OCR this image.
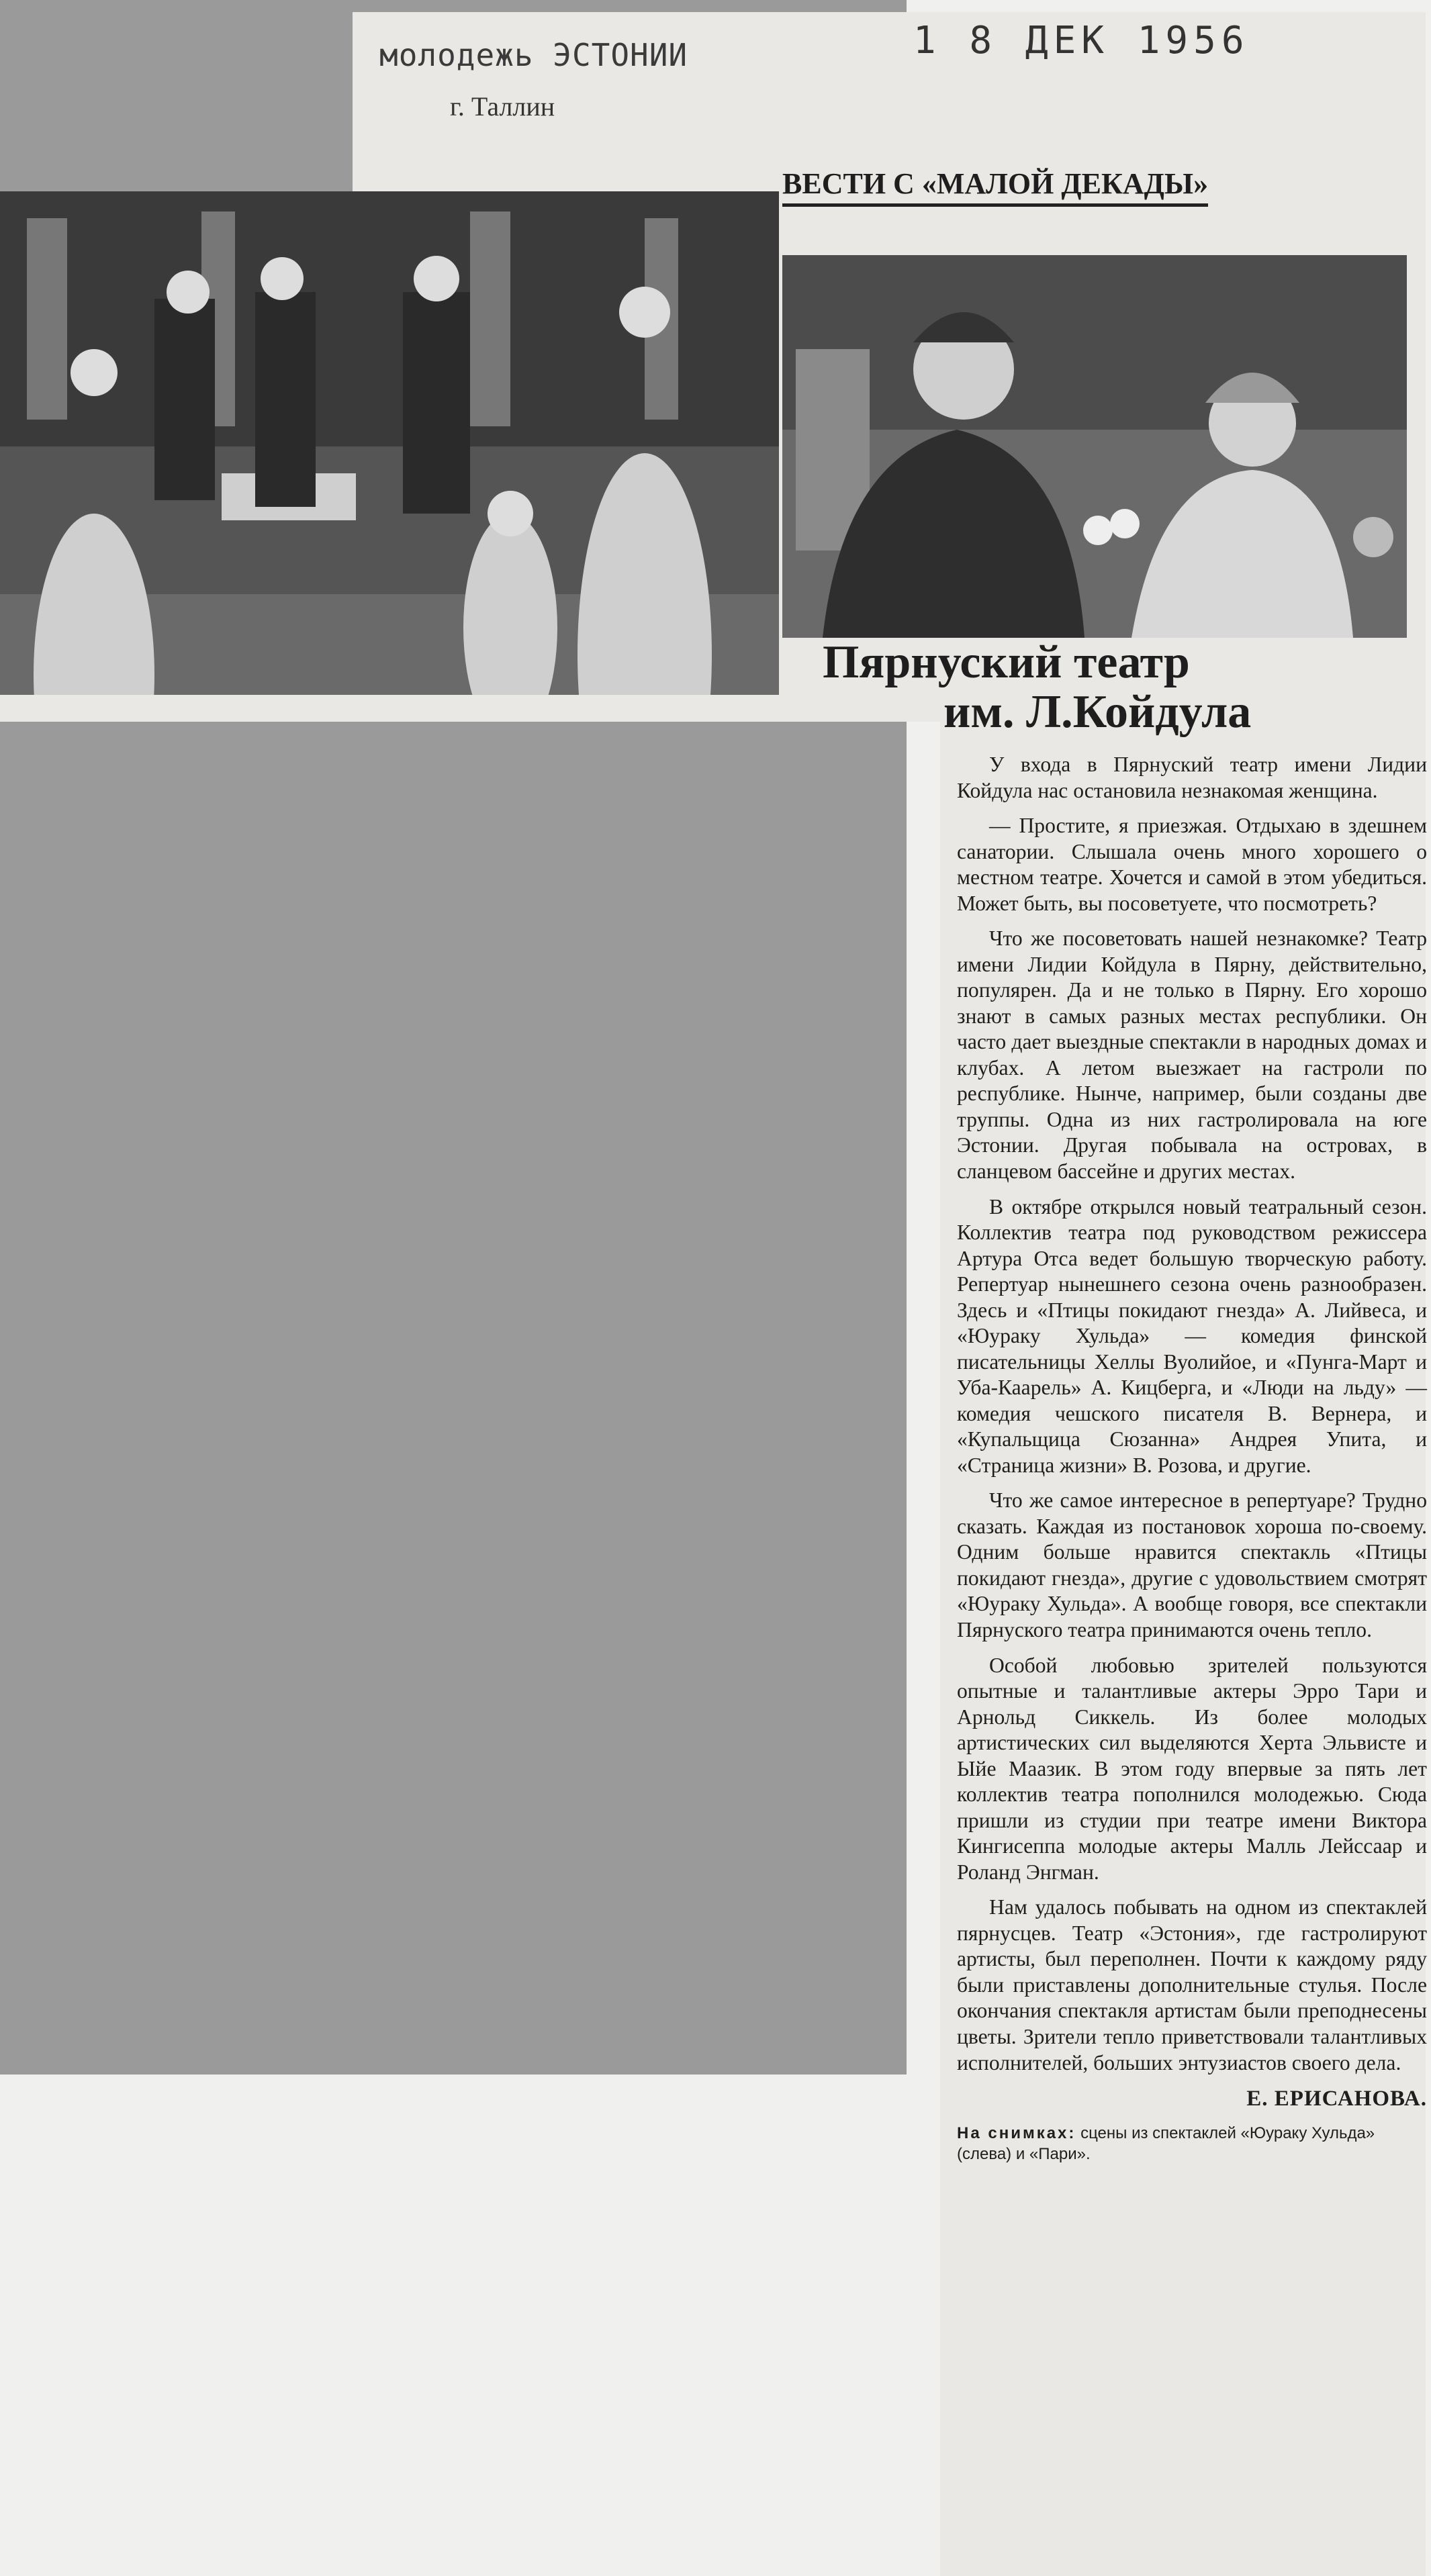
молодежь ЭСТОНИИ
г. Таллин
1 8 ДЕК 1956
ВЕСТИ С «МАЛОЙ ДЕКАДЫ»
Пярнуский театр
им. Л.Койдула

У входа в Пярнуский театр имени Лидии Койдула нас остановила незнакомая женщина.

— Простите, я приезжая. Отдыхаю в здешнем санатории. Слышала очень много хорошего о местном театре. Хочется и самой в этом убедиться. Может быть, вы посоветуете, что посмотреть?

Что же посоветовать нашей незнакомке? Театр имени Лидии Койдула в Пярну, действительно, популярен. Да и не только в Пярну. Его хорошо знают в самых разных местах республики. Он часто дает выездные спектакли в народных домах и клубах. А летом выезжает на гастроли по республике. Нынче, например, были созданы две труппы. Одна из них гастролировала на юге Эстонии. Другая побывала на островах, в сланцевом бассейне и других местах.

В октябре открылся новый театральный сезон. Коллектив театра под руководством режиссера Артура Отса ведет большую творческую работу. Репертуар нынешнего сезона очень разнообразен. Здесь и «Птицы покидают гнезда» А. Лийвеса, и «Юураку Хульда» — комедия финской писательницы Хеллы Вуолийое, и «Пунга-Март и Уба-Каарель» А. Кицберга, и «Люди на льду» — комедия чешского писателя В. Вернера, и «Купальщица Сюзанна» Андрея Упита, и «Страница жизни» В. Розова, и другие.

Что же самое интересное в репертуаре? Трудно сказать. Каждая из постановок хороша по-своему. Одним больше нравится спектакль «Птицы покидают гнезда», другие с удовольствием смотрят «Юураку Хульда». А вообще говоря, все спектакли Пярнуского театра принимаются очень тепло.

Особой любовью зрителей пользуются опытные и талантливые актеры Эрро Тари и Арнольд Сиккель. Из более молодых артистических сил выделяются Херта Эльвисте и Ыйе Маазик. В этом году впервые за пять лет коллектив театра пополнился молодежью. Сюда пришли из студии при театре имени Виктора Кингисеппа молодые актеры Малль Лейссаар и Роланд Энгман.

Нам удалось побывать на одном из спектаклей пярнусцев. Театр «Эстония», где гастролируют артисты, был переполнен. Почти к каждому ряду были приставлены дополнительные стулья. После окончания спектакля артистам были преподнесены цветы. Зрители тепло приветствовали талантливых исполнителей, больших энтузиастов своего дела.

Е. ЕРИСАНОВА.
На снимках: сцены из спектаклей «Юураку Хульда» (слева) и «Пари».
